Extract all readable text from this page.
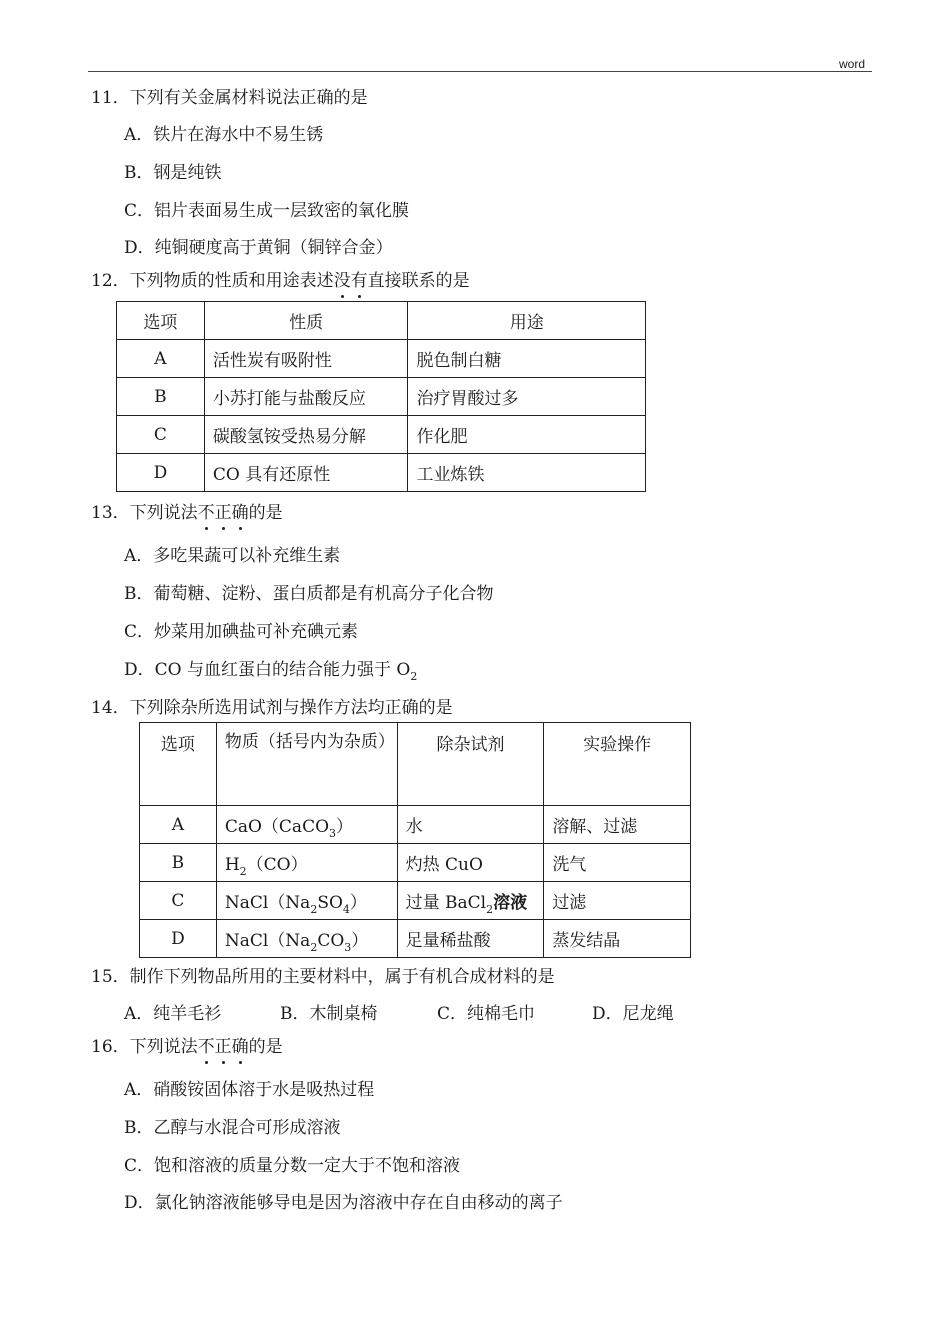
word
11．下列有关金属材料说法正确的是
A．铁片在海水中不易生锈
B．钢是纯铁
C．铝片表面易生成一层致密的氧化膜
D．纯铜硬度高于黄铜（铜锌合金）
12．下列物质的性质和用途表述没有直接联系的是
选项	性质	用途
A	活性炭有吸附性	脱色制白糖
B	小苏打能与盐酸反应	治疗胃酸过多
C	碳酸氢铵受热易分解	作化肥
D	CO 具有还原性	工业炼铁
13．下列说法不正确的是
A．多吃果蔬可以补充维生素
B．葡萄糖、淀粉、蛋白质都是有机高分子化合物
C．炒菜用加碘盐可补充碘元素
D．CO 与血红蛋白的结合能力强于 $O_2$
14．下列除杂所选用试剂与操作方法均正确的是
选项	物质（括号内为杂质）	除杂试剂	实验操作
A	CaO（CaCO$_3$）	水	溶解、过滤
B	$H_2(CO)$	灼热 CuO	洗气
C	$NaCl(Na_2SO_4)$	过量 BaCl$_2$溶液	过滤
D	$NaCl(Na_2CO_3)$	足量稀盐酸	蒸发结晶
15．制作下列物品所用的主要材料中，属于有机合成材料的是
A．纯羊毛衫	B．木制桌椅	C．纯棉毛巾	D．尼龙绳
16．下列说法不正确的是
A．硝酸铵固体溶于水是吸热过程
B．乙醇与水混合可形成溶液
C．饱和溶液的质量分数一定大于不饱和溶液
D．氯化钠溶液能够导电是因为溶液中存在自由移动的离子
